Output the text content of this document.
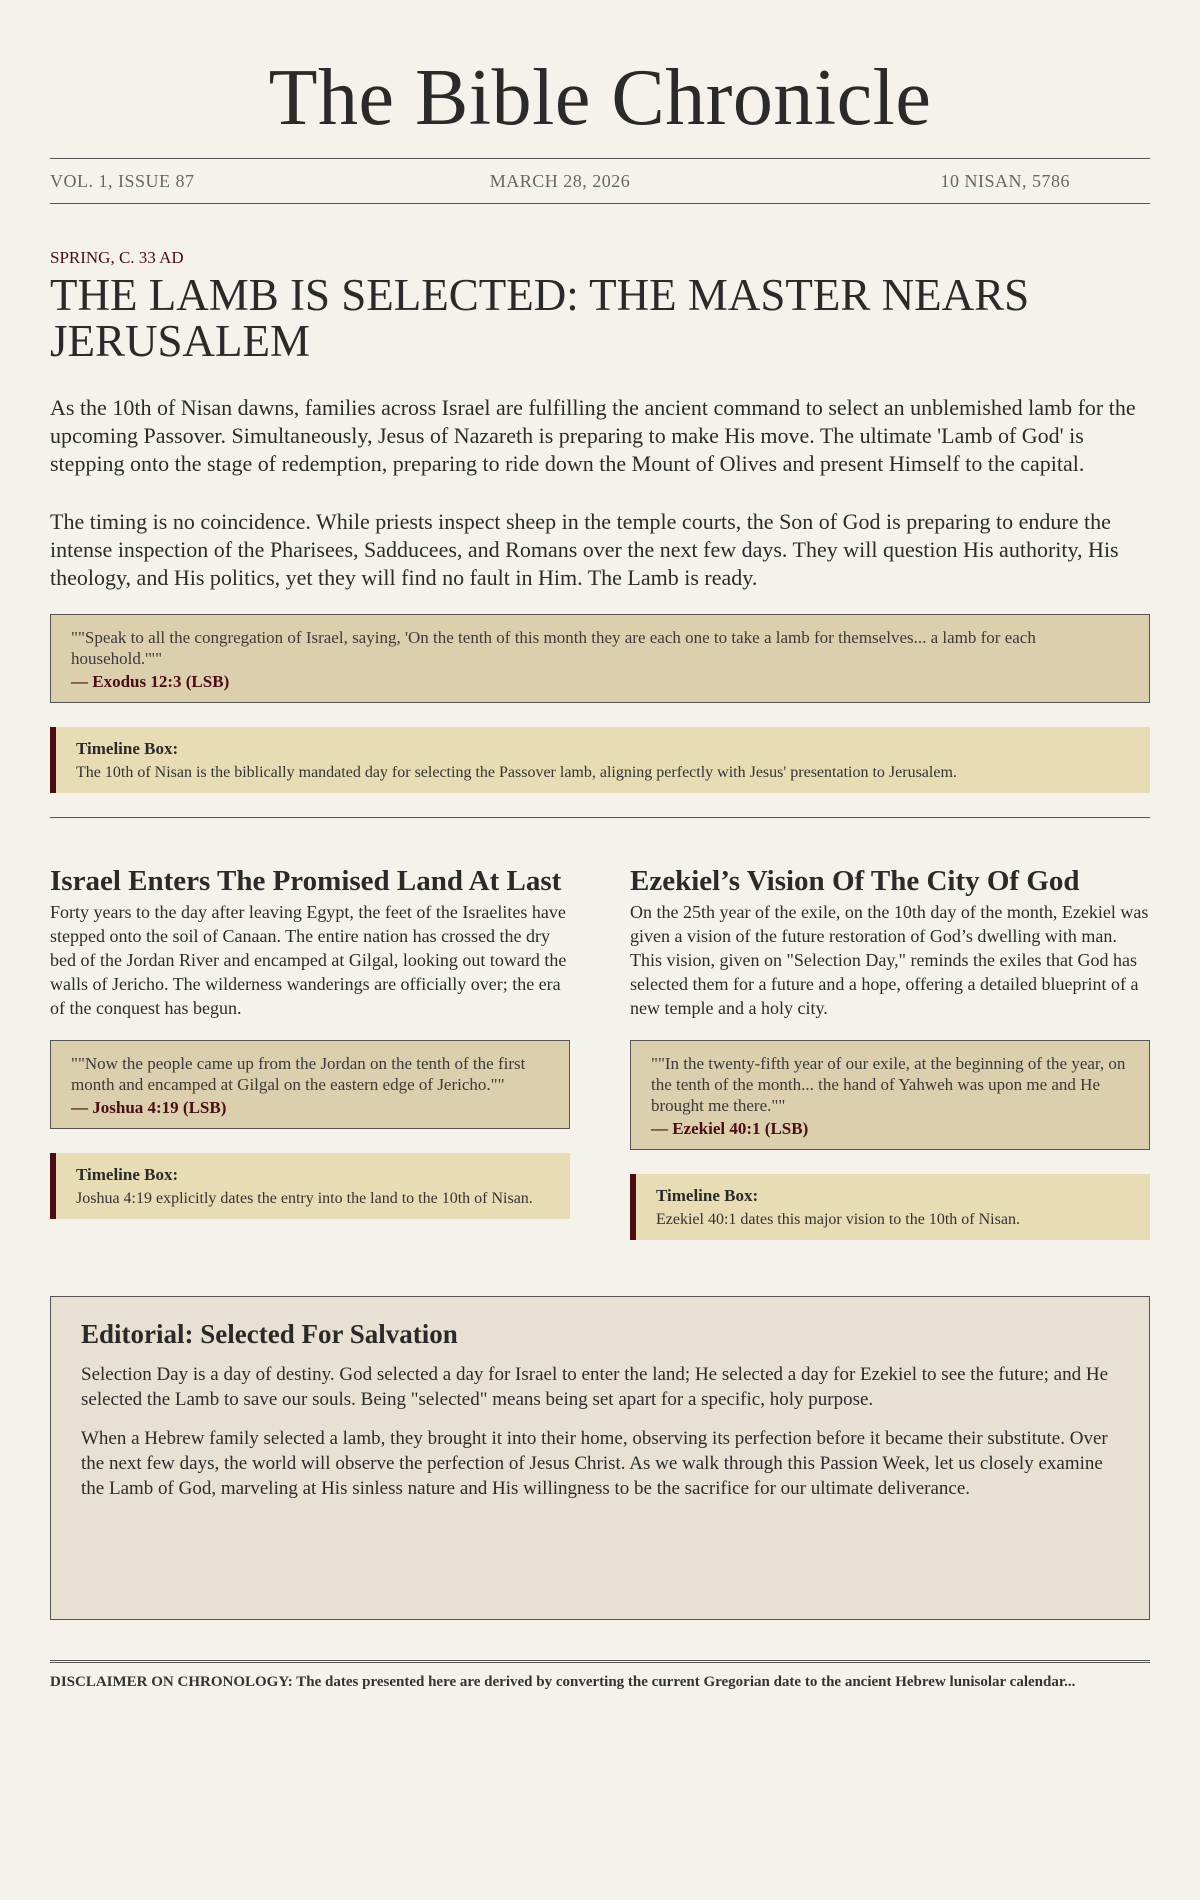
The Bible Chronicle
VOL. 1, ISSUE 87	MARCH 28, 2026	10 NISAN, 5786
SPRING, C. 33 AD
THE LAMB IS SELECTED: THE MASTER NEARS JERUSALEM

As the 10th of Nisan dawns, families across Israel are fulfilling the ancient command to select an unblemished lamb for the upcoming Passover. Simultaneously, Jesus of Nazareth is preparing to make His move. The ultimate 'Lamb of God' is stepping onto the stage of redemption, preparing to ride down the Mount of Olives and present Himself to the capital.

The timing is no coincidence. While priests inspect sheep in the temple courts, the Son of God is preparing to endure the intense inspection of the Pharisees, Sadducees, and Romans over the next few days. They will question His authority, His theology, and His politics, yet they will find no fault in Him. The Lamb is ready.

""Speak to all the congregation of Israel, saying, 'On the tenth of this month they are each one to take a lamb for themselves... a lamb for each household.'""
— Exodus 12:3 (LSB)
Timeline Box:
The 10th of Nisan is the biblically mandated day for selecting the Passover lamb, aligning perfectly with Jesus' presentation to Jerusalem.
Israel Enters The Promised Land At Last

Forty years to the day after leaving Egypt, the feet of the Israelites have stepped onto the soil of Canaan. The entire nation has crossed the dry bed of the Jordan River and encamped at Gilgal, looking out toward the walls of Jericho. The wilderness wanderings are officially over; the era of the conquest has begun.

""Now the people came up from the Jordan on the tenth of the first month and encamped at Gilgal on the eastern edge of Jericho.""
— Joshua 4:19 (LSB)
Timeline Box:
Joshua 4:19 explicitly dates the entry into the land to the 10th of Nisan.
Ezekiel’s Vision Of The City Of God

On the 25th year of the exile, on the 10th day of the month, Ezekiel was given a vision of the future restoration of God’s dwelling with man. This vision, given on "Selection Day," reminds the exiles that God has selected them for a future and a hope, offering a detailed blueprint of a new temple and a holy city.

""In the twenty-fifth year of our exile, at the beginning of the year, on the tenth of the month... the hand of Yahweh was upon me and He brought me there.""
— Ezekiel 40:1 (LSB)
Timeline Box:
Ezekiel 40:1 dates this major vision to the 10th of Nisan.
Editorial: Selected For Salvation

Selection Day is a day of destiny. God selected a day for Israel to enter the land; He selected a day for Ezekiel to see the future; and He selected the Lamb to save our souls. Being "selected" means being set apart for a specific, holy purpose.

When a Hebrew family selected a lamb, they brought it into their home, observing its perfection before it became their substitute. Over the next few days, the world will observe the perfection of Jesus Christ. As we walk through this Passion Week, let us closely examine the Lamb of God, marveling at His sinless nature and His willingness to be the sacrifice for our ultimate deliverance.

DISCLAIMER ON CHRONOLOGY: The dates presented here are derived by converting the current Gregorian date to the ancient Hebrew lunisolar calendar...
